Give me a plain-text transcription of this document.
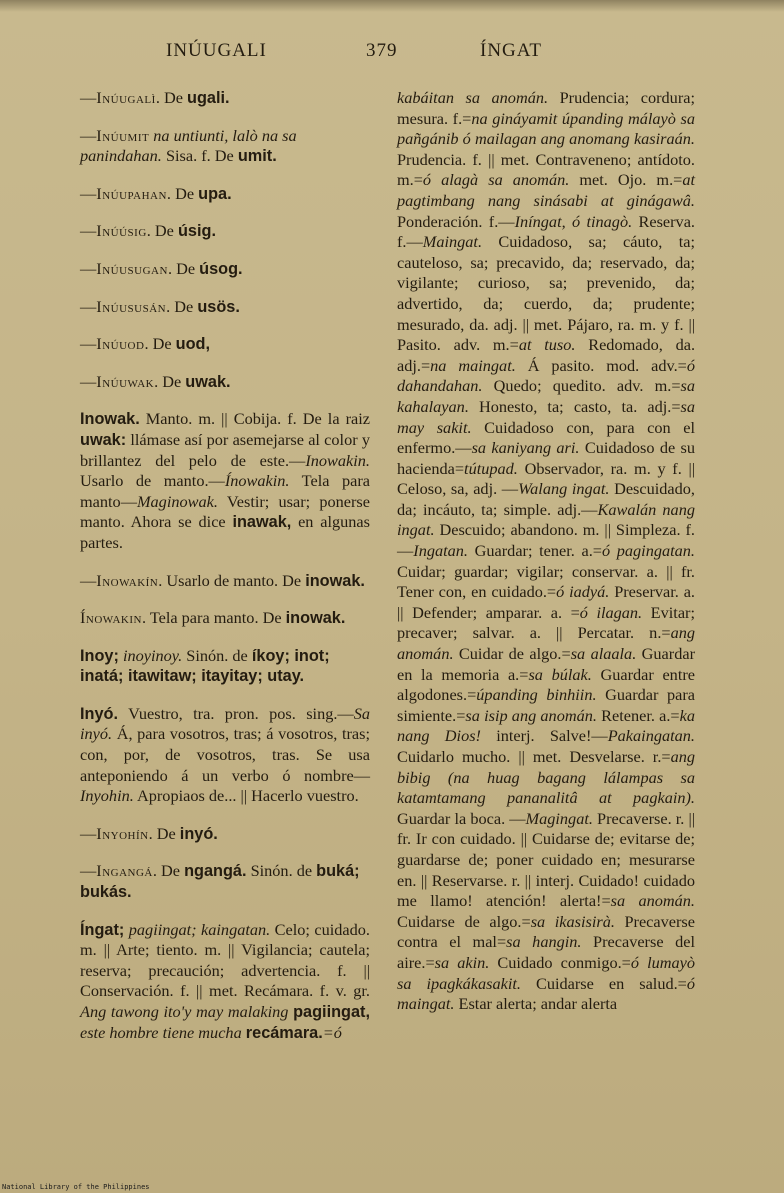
INÚUGALI	379	ÍNGAT

—Inúugalì. De ugali.

—Inúumit na untiunti, lalò na sa panindahan. Sisa. f. De umit.

—Inúupahan. De upa.

—Inúúsig. De úsig.

—Inúusugan. De úsog.

—Inúususán. De usös.

—Inúuod. De uod,

—Inúuwak. De uwak.

Inowak. Manto. m. || Cobija. f. De la raiz uwak: llámase así por asemejarse al color y brillantez del pelo de este.—Inowakin. Usarlo de manto.—Ínowakin. Tela para manto—Maginowak. Vestir; usar; ponerse manto. Ahora se dice inawak, en algunas partes.

—Inowakín. Usarlo de manto. De inowak.

Ínowakin. Tela para manto. De inowak.

Inoy; inoyinoy. Sinón. de íkoy; inot; inatá; itawitaw; itayitay; utay.

Inyó. Vuestro, tra. pron. pos. sing.—Sa inyó. Á, para vosotros, tras; á vosotros, tras; con, por, de vosotros, tras. Se usa anteponiendo á un verbo ó nombre—Inyohin. Apropiaos de... || Hacerlo vuestro.

—Inyohín. De inyó.

—Ingangá. De ngangá. Sinón. de buká; bukás.

Íngat; pagiingat; kaingatan. Celo; cuidado. m. || Arte; tiento. m. || Vigilancia; cautela; reserva; precaución; advertencia. f. || Conservación. f. || met. Recámara. f. v. gr. Ang tawong ito'y may malaking pagiingat, este hombre tiene mucha recámara.=ó

kabáitan sa anomán. Prudencia; cordura; mesura. f.=na gináyamit úpanding málayò sa pañgánib ó mailagan ang anomang kasiraán. Prudencia. f. || met. Contraveneno; antídoto. m.=ó alagà sa anomán. met. Ojo. m.=at pagtimbang nang sinásabi at ginágawâ. Ponderación. f.—Iníngat, ó tinagò. Reserva. f.—Maingat. Cuidadoso, sa; cáuto, ta; cauteloso, sa; precavido, da; reservado, da; vigilante; curioso, sa; prevenido, da; advertido, da; cuerdo, da; prudente; mesurado, da. adj. || met. Pájaro, ra. m. y f. || Pasito. adv. m.=at tuso. Redomado, da. adj.=na maingat. Á pasito. mod. adv.=ó dahandahan. Quedo; quedito. adv. m.=sa kahalayan. Honesto, ta; casto, ta. adj.=sa may sakit. Cuidadoso con, para con el enfermo.—sa kaniyang ari. Cuidadoso de su hacienda=tútupad. Observador, ra. m. y f. || Celoso, sa, adj. —Walang ingat. Descuidado, da; incáuto, ta; simple. adj.—Kawalán nang ingat. Descuido; abandono. m. || Simpleza. f.—Ingatan. Guardar; tener. a.=ó pagingatan. Cuidar; guardar; vigilar; conservar. a. || fr. Tener con, en cuidado.=ó iadyá. Preservar. a. || Defender; amparar. a. =ó ilagan. Evitar; precaver; salvar. a. || Percatar. n.=ang anomán. Cuidar de algo.=sa alaala. Guardar en la memoria a.=sa búlak. Guardar entre algodones.=úpanding binhiin. Guardar para simiente.=sa isip ang anomán. Retener. a.=ka nang Dios! interj. Salve!—Pakaingatan. Cuidarlo mucho. || met. Desvelarse. r.=ang bibig (na huag bagang lálampas sa katamtamang pananalitâ at pagkain). Guardar la boca. —Magingat. Precaverse. r. || fr. Ir con cuidado. || Cuidarse de; evitarse de; guardarse de; poner cuidado en; mesurarse en. || Reservarse. r. || interj. Cuidado! cuidado me llamo! atención! alerta!=sa anomán. Cuidarse de algo.=sa ikasisirà. Precaverse contra el mal=sa hangin. Precaverse del aire.=sa akin. Cuidado conmigo.=ó lumayò sa ipagkákasakit. Cuidarse en salud.=ó maingat. Estar alerta; andar alerta

National Library of the Philippines
